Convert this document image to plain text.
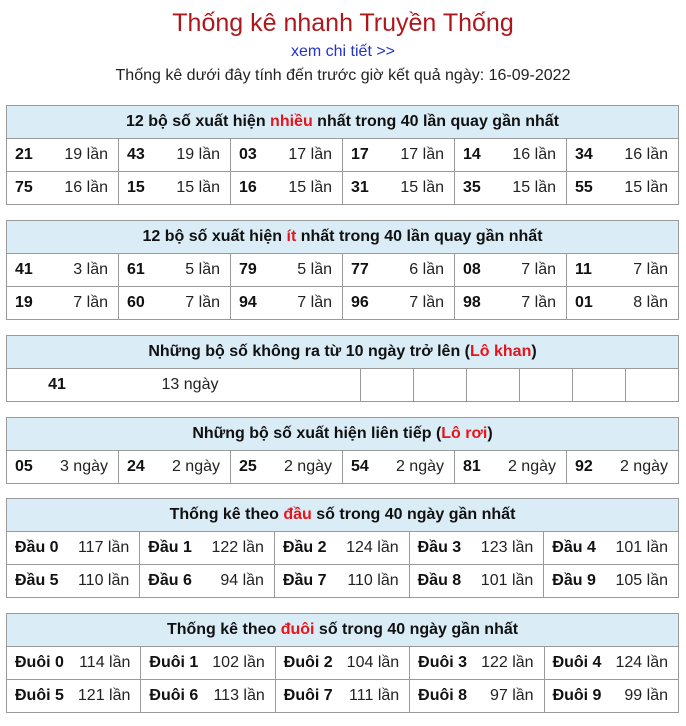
Thống kê nhanh Truyền Thống
xem chi tiết >>
Thống kê dưới đây tính đến trước giờ kết quả ngày: 16-09-2022
12 bộ số xuất hiện nhiều nhất trong 40 lần quay gần nhất					

21 19 lần	43 19 lần	03 17 lần	17 17 lần	14 16 lần	34 16 lần

75 16 lần	15 15 lần	16 15 lần	31 15 lần	35 15 lần	55 15 lần
12 bộ số xuất hiện ít nhất trong 40 lần quay gần nhất					

41 3 lần	61 5 lần	79 5 lần	77 6 lần	08 7 lần	11 7 lần

19 7 lần	60 7 lần	94 7 lần	96 7 lần	98 7 lần	01 8 lần
Những bộ số không ra từ 10 ngày trở lên (Lô khan)

41	13 ngày

Những bộ số xuất hiện liên tiếp (Lô rơi)

05 3 ngày	24 2 ngày	25 2 ngày	54 2 ngày	81 2 ngày	92 2 ngày
Thống kê theo đầu số trong 40 ngày gần nhất				

Đầu 0 117 lần	Đầu 1 122 lần	Đầu 2 124 lần	Đầu 3 123 lần	Đầu 4 101 lần

Đầu 5 110 lần	Đầu 6 94 lần	Đầu 7 110 lần	Đầu 8 101 lần	Đầu 9 105 lần
Thống kê theo đuôi số trong 40 ngày gần nhất				

Đuôi 0 114 lần	Đuôi 1 102 lần	Đuôi 2 104 lần	Đuôi 3 122 lần	Đuôi 4 124 lần

Đuôi 5 121 lần	Đuôi 6 113 lần	Đuôi 7 111 lần	Đuôi 8 97 lần	Đuôi 9 99 lần
